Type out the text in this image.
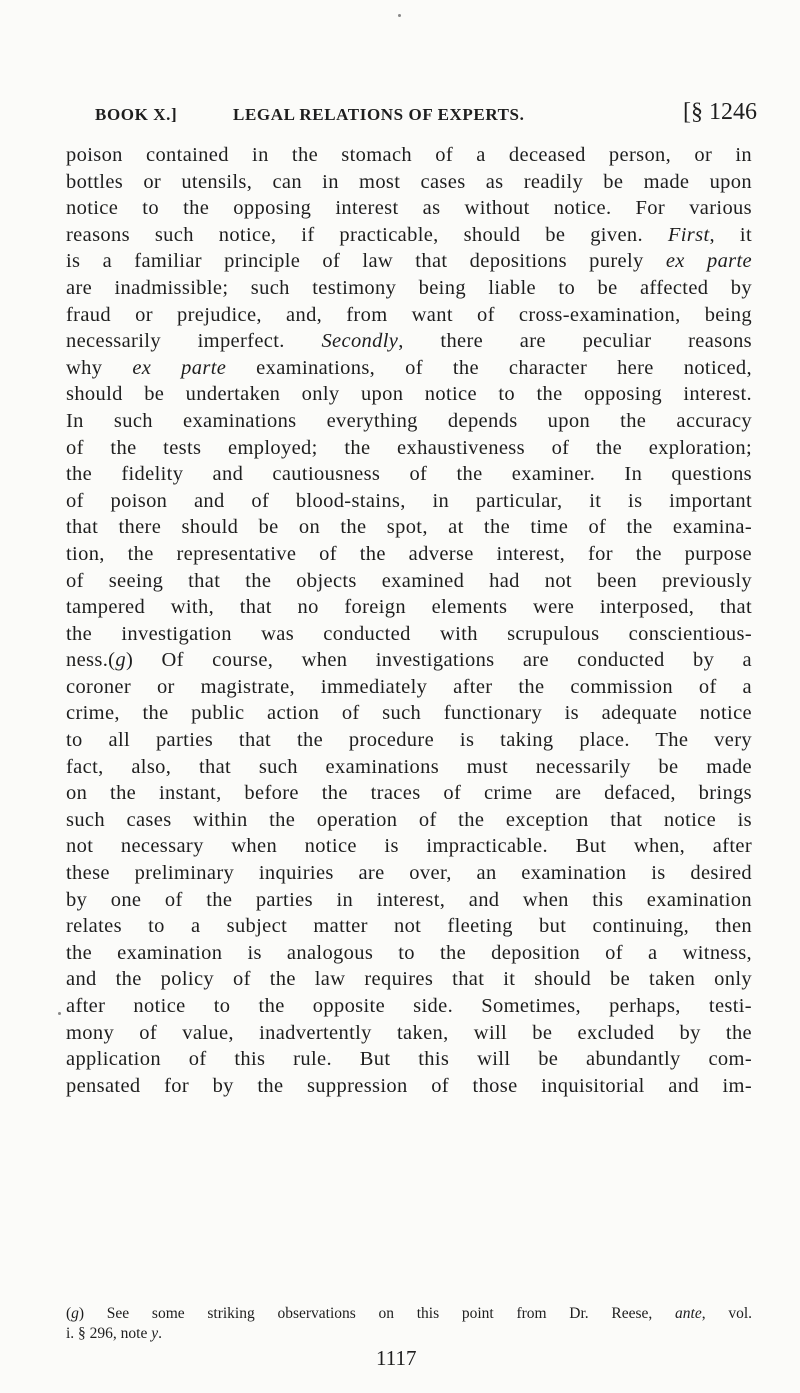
BOOK X.]	LEGAL RELATIONS OF EXPERTS.	[§ 1246
poison contained in the stomach of a deceased person, or in
bottles or utensils, can in most cases as readily be made upon
notice to the opposing interest as without notice. For various
reasons such notice, if practicable, should be given. First, it
is a familiar principle of law that depositions purely ex parte
are inadmissible; such testimony being liable to be affected by
fraud or prejudice, and, from want of cross-examination, being
necessarily imperfect. Secondly, there are peculiar reasons
why ex parte examinations, of the character here noticed,
should be undertaken only upon notice to the opposing interest.
In such examinations everything depends upon the accuracy
of the tests employed; the exhaustiveness of the exploration;
the fidelity and cautiousness of the examiner. In questions
of poison and of blood-stains, in particular, it is important
that there should be on the spot, at the time of the examina-
tion, the representative of the adverse interest, for the purpose
of seeing that the objects examined had not been previously
tampered with, that no foreign elements were interposed, that
the investigation was conducted with scrupulous conscientious-
ness.(g) Of course, when investigations are conducted by a
coroner or magistrate, immediately after the commission of a
crime, the public action of such functionary is adequate notice
to all parties that the procedure is taking place. The very
fact, also, that such examinations must necessarily be made
on the instant, before the traces of crime are defaced, brings
such cases within the operation of the exception that notice is
not necessary when notice is impracticable. But when, after
these preliminary inquiries are over, an examination is desired
by one of the parties in interest, and when this examination
relates to a subject matter not fleeting but continuing, then
the examination is analogous to the deposition of a witness,
and the policy of the law requires that it should be taken only
after notice to the opposite side. Sometimes, perhaps, testi-
mony of value, inadvertently taken, will be excluded by the
application of this rule. But this will be abundantly com-
pensated for by the suppression of those inquisitorial and im-
(g) See some striking observations on this point from Dr. Reese, ante, vol.
i. § 296, note y.
1117
